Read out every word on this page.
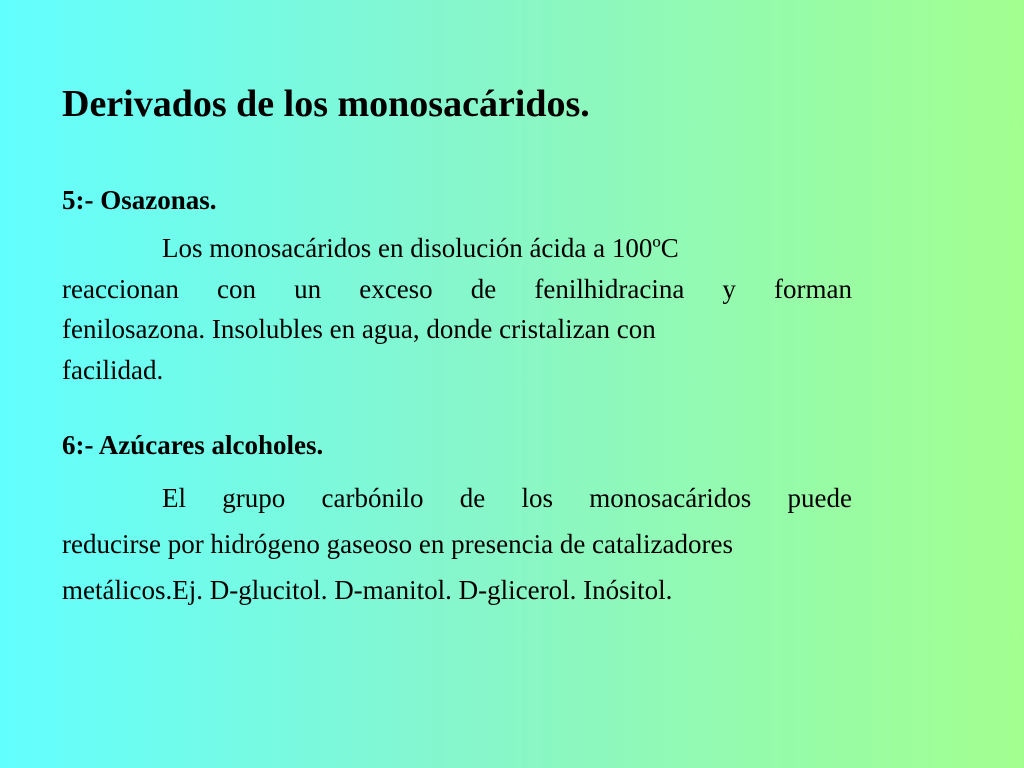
Derivados de los monosacáridos.
5:- Osazonas.
Los monosacáridos en disolución ácida a 100ºC
reaccionan con un exceso de fenilhidracina y forman
fenilosazona. Insolubles en agua, donde cristalizan con
facilidad.
6:- Azúcares alcoholes.
El grupo carbónilo de los monosacáridos puede
reducirse por hidrógeno gaseoso en presencia de catalizadores
metálicos.Ej. D-glucitol. D-manitol. D-glicerol. Inósitol.
